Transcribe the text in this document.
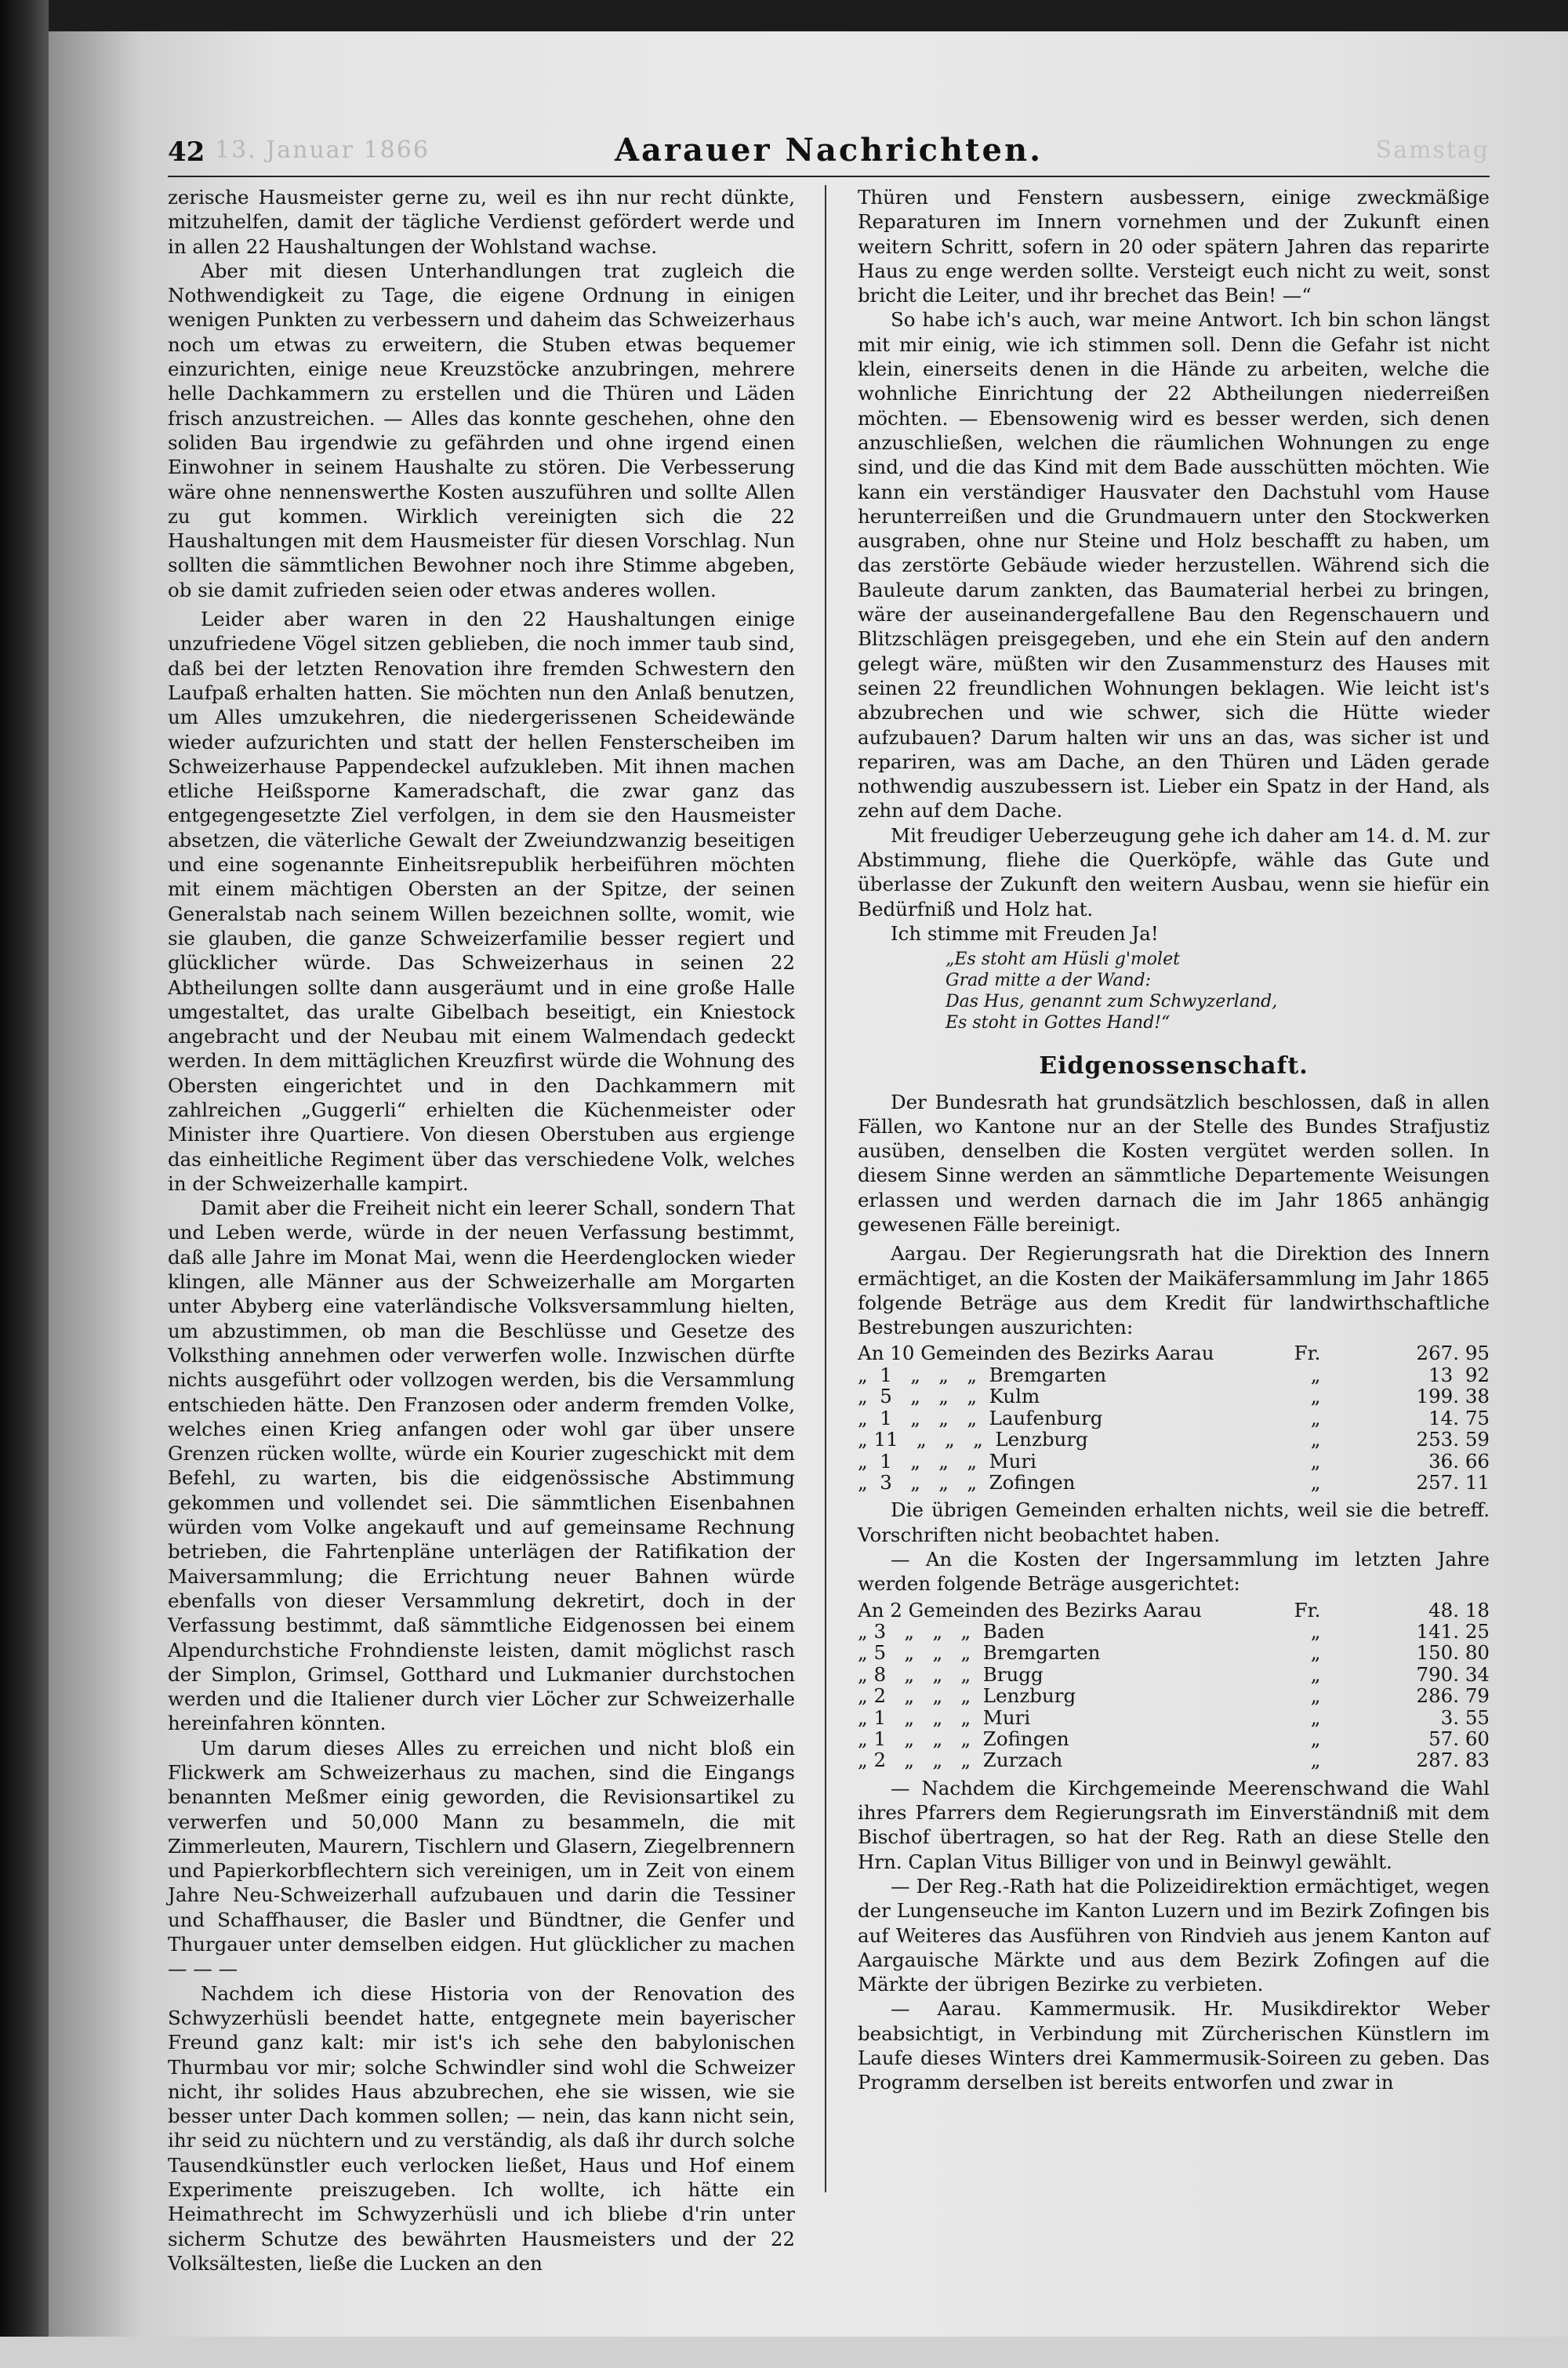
42 13. Januar 1866	Aarauer Nachrichten.	Samstag

zerische Hausmeister gerne zu, weil es ihn nur recht dünkte, mitzuhelfen, damit der tägliche Verdienst gefördert werde und in allen 22 Haushaltungen der Wohlstand wachse.

Aber mit diesen Unterhandlungen trat zugleich die Nothwendigkeit zu Tage, die eigene Ordnung in einigen wenigen Punkten zu verbessern und daheim das Schweizerhaus noch um etwas zu erweitern, die Stuben etwas bequemer einzurichten, einige neue Kreuzstöcke anzubringen, mehrere helle Dachkammern zu erstellen und die Thüren und Läden frisch anzustreichen. — Alles das konnte geschehen, ohne den soliden Bau irgendwie zu gefährden und ohne irgend einen Einwohner in seinem Haushalte zu stören. Die Verbesserung wäre ohne nennenswerthe Kosten auszuführen und sollte Allen zu gut kommen. Wirklich vereinigten sich die 22 Haushaltungen mit dem Hausmeister für diesen Vorschlag. Nun sollten die sämmtlichen Bewohner noch ihre Stimme abgeben, ob sie damit zufrieden seien oder etwas anderes wollen.

Leider aber waren in den 22 Haushaltungen einige unzufriedene Vögel sitzen geblieben, die noch immer taub sind, daß bei der letzten Renovation ihre fremden Schwestern den Laufpaß erhalten hatten. Sie möchten nun den Anlaß benutzen, um Alles umzukehren, die niedergerissenen Scheidewände wieder aufzurichten und statt der hellen Fensterscheiben im Schweizerhause Pappendeckel aufzukleben. Mit ihnen machen etliche Heißsporne Kameradschaft, die zwar ganz das entgegengesetzte Ziel verfolgen, in dem sie den Hausmeister absetzen, die väterliche Gewalt der Zweiundzwanzig beseitigen und eine sogenannte Einheitsrepublik herbeiführen möchten mit einem mächtigen Obersten an der Spitze, der seinen Generalstab nach seinem Willen bezeichnen sollte, womit, wie sie glauben, die ganze Schweizerfamilie besser regiert und glücklicher würde. Das Schweizerhaus in seinen 22 Abtheilungen sollte dann ausgeräumt und in eine große Halle umgestaltet, das uralte Gibelbach beseitigt, ein Kniestock angebracht und der Neubau mit einem Walmendach gedeckt werden. In dem mittäglichen Kreuzfirst würde die Wohnung des Obersten eingerichtet und in den Dachkammern mit zahlreichen „Guggerli“ erhielten die Küchenmeister oder Minister ihre Quartiere. Von diesen Oberstuben aus ergienge das einheitliche Regiment über das verschiedene Volk, welches in der Schweizerhalle kampirt.

Damit aber die Freiheit nicht ein leerer Schall, sondern That und Leben werde, würde in der neuen Verfassung bestimmt, daß alle Jahre im Monat Mai, wenn die Heerdenglocken wieder klingen, alle Männer aus der Schweizerhalle am Morgarten unter Abyberg eine vaterländische Volksversammlung hielten, um abzustimmen, ob man die Beschlüsse und Gesetze des Volksthing annehmen oder verwerfen wolle. Inzwischen dürfte nichts ausgeführt oder vollzogen werden, bis die Versammlung entschieden hätte. Den Franzosen oder anderm fremden Volke, welches einen Krieg anfangen oder wohl gar über unsere Grenzen rücken wollte, würde ein Kourier zugeschickt mit dem Befehl, zu warten, bis die eidgenössische Abstimmung gekommen und vollendet sei. Die sämmtlichen Eisenbahnen würden vom Volke angekauft und auf gemeinsame Rechnung betrieben, die Fahrtenpläne unterlägen der Ratifikation der Maiversammlung; die Errichtung neuer Bahnen würde ebenfalls von dieser Versammlung dekretirt, doch in der Verfassung bestimmt, daß sämmtliche Eidgenossen bei einem Alpendurchstiche Frohndienste leisten, damit möglichst rasch der Simplon, Grimsel, Gotthard und Lukmanier durchstochen werden und die Italiener durch vier Löcher zur Schweizerhalle hereinfahren könnten.

Um darum dieses Alles zu erreichen und nicht bloß ein Flickwerk am Schweizerhaus zu machen, sind die Eingangs benannten Meßmer einig geworden, die Revisionsartikel zu verwerfen und 50,000 Mann zu besammeln, die mit Zimmerleuten, Maurern, Tischlern und Glasern, Ziegelbrennern und Papierkorbflechtern sich vereinigen, um in Zeit von einem Jahre Neu-Schweizerhall aufzubauen und darin die Tessiner und Schaffhauser, die Basler und Bündtner, die Genfer und Thurgauer unter demselben eidgen. Hut glücklicher zu machen — — —

Nachdem ich diese Historia von der Renovation des Schwyzerhüsli beendet hatte, entgegnete mein bayerischer Freund ganz kalt: mir ist's ich sehe den babylonischen Thurmbau vor mir; solche Schwindler sind wohl die Schweizer nicht, ihr solides Haus abzubrechen, ehe sie wissen, wie sie besser unter Dach kommen sollen; — nein, das kann nicht sein, ihr seid zu nüchtern und zu verständig, als daß ihr durch solche Tausendkünstler euch verlocken ließet, Haus und Hof einem Experimente preiszugeben. Ich wollte, ich hätte ein Heimathrecht im Schwyzerhüsli und ich bliebe d'rin unter sicherm Schutze des bewährten Hausmeisters und der 22 Volksältesten, ließe die Lucken an den

Thüren und Fenstern ausbessern, einige zweckmäßige Reparaturen im Innern vornehmen und der Zukunft einen weitern Schritt, sofern in 20 oder spätern Jahren das reparirte Haus zu enge werden sollte. Versteigt euch nicht zu weit, sonst bricht die Leiter, und ihr brechet das Bein! —“

So habe ich's auch, war meine Antwort. Ich bin schon längst mit mir einig, wie ich stimmen soll. Denn die Gefahr ist nicht klein, einerseits denen in die Hände zu arbeiten, welche die wohnliche Einrichtung der 22 Abtheilungen niederreißen möchten. — Ebensowenig wird es besser werden, sich denen anzuschließen, welchen die räumlichen Wohnungen zu enge sind, und die das Kind mit dem Bade ausschütten möchten. Wie kann ein verständiger Hausvater den Dachstuhl vom Hause herunterreißen und die Grundmauern unter den Stockwerken ausgraben, ohne nur Steine und Holz beschafft zu haben, um das zerstörte Gebäude wieder herzustellen. Während sich die Bauleute darum zankten, das Baumaterial herbei zu bringen, wäre der auseinandergefallene Bau den Regenschauern und Blitzschlägen preisgegeben, und ehe ein Stein auf den andern gelegt wäre, müßten wir den Zusammensturz des Hauses mit seinen 22 freundlichen Wohnungen beklagen. Wie leicht ist's abzubrechen und wie schwer, sich die Hütte wieder aufzubauen? Darum halten wir uns an das, was sicher ist und repariren, was am Dache, an den Thüren und Läden gerade nothwendig auszubessern ist. Lieber ein Spatz in der Hand, als zehn auf dem Dache.

Mit freudiger Ueberzeugung gehe ich daher am 14. d. M. zur Abstimmung, fliehe die Querköpfe, wähle das Gute und überlasse der Zukunft den weitern Ausbau, wenn sie hiefür ein Bedürfniß und Holz hat.

Ich stimme mit Freuden Ja!

„Es stoht am Hüsli g'molet
Grad mitte a der Wand:
Das Hus, genannt zum Schwyzerland,
Es stoht in Gottes Hand!“
Eidgenossenschaft.

Der Bundesrath hat grundsätzlich beschlossen, daß in allen Fällen, wo Kantone nur an der Stelle des Bundes Strafjustiz ausüben, denselben die Kosten vergütet werden sollen. In diesem Sinne werden an sämmtliche Departemente Weisungen erlassen und werden darnach die im Jahr 1865 anhängig gewesenen Fälle bereinigt.

Aargau. Der Regierungsrath hat die Direktion des Innern ermächtiget, an die Kosten der Maikäfersammlung im Jahr 1865 folgende Beträge aus dem Kredit für landwirthschaftliche Bestrebungen auszurichten:

An 10 Gemeinden des Bezirks Aarau	Fr.	267. 95
„  1   „   „   „  Bremgarten	„	13  92
„  5   „   „   „  Kulm	„	199. 38
„  1   „   „   „  Laufenburg	„	14. 75
„ 11   „   „   „  Lenzburg	„	253. 59
„  1   „   „   „  Muri	„	36. 66
„  3   „   „   „  Zofingen	„	257. 11

Die übrigen Gemeinden erhalten nichts, weil sie die betreff. Vorschriften nicht beobachtet haben.

— An die Kosten der Ingersammlung im letzten Jahre werden folgende Beträge ausgerichtet:

An 2 Gemeinden des Bezirks Aarau	Fr.	48. 18
„ 3   „   „   „  Baden	„	141. 25
„ 5   „   „   „  Bremgarten	„	150. 80
„ 8   „   „   „  Brugg	„	790. 34
„ 2   „   „   „  Lenzburg	„	286. 79
„ 1   „   „   „  Muri	„	3. 55
„ 1   „   „   „  Zofingen	„	57. 60
„ 2   „   „   „  Zurzach	„	287. 83

— Nachdem die Kirchgemeinde Meerenschwand die Wahl ihres Pfarrers dem Regierungsrath im Einverständniß mit dem Bischof übertragen, so hat der Reg. Rath an diese Stelle den Hrn. Caplan Vitus Billiger von und in Beinwyl gewählt.

— Der Reg.-Rath hat die Polizeidirektion ermächtiget, wegen der Lungenseuche im Kanton Luzern und im Bezirk Zofingen bis auf Weiteres das Ausführen von Rindvieh aus jenem Kanton auf Aargauische Märkte und aus dem Bezirk Zofingen auf die Märkte der übrigen Bezirke zu verbieten.

— Aarau. Kammermusik. Hr. Musikdirektor Weber beabsichtigt, in Verbindung mit Zürcherischen Künstlern im Laufe dieses Winters drei Kammermusik-Soireen zu geben. Das Programm derselben ist bereits entworfen und zwar in
